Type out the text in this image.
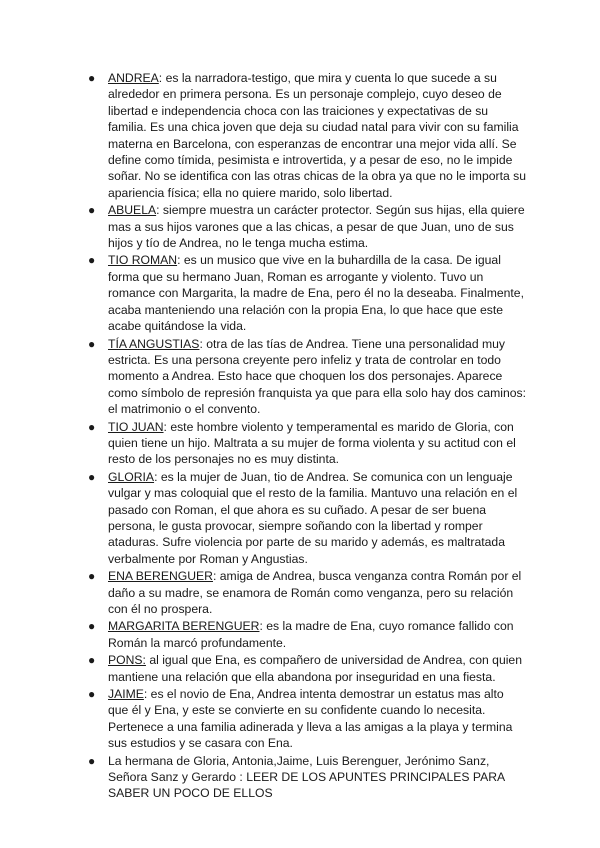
● ANDREA: es la narradora-testigo, que mira y cuenta lo que sucede a su alrededor en primera persona. Es un personaje complejo, cuyo deseo de libertad e independencia choca con las traiciones y expectativas de su familia. Es una chica joven que deja su ciudad natal para vivir con su familia materna en Barcelona, con esperanzas de encontrar una mejor vida allí. Se define como tímida, pesimista e introvertida, y a pesar de eso, no le impide soñar. No se identifica con las otras chicas de la obra ya que no le importa su apariencia física; ella no quiere marido, solo libertad.
● ABUELA: siempre muestra un carácter protector. Según sus hijas, ella quiere mas a sus hijos varones que a las chicas, a pesar de que Juan, uno de sus hijos y tío de Andrea, no le tenga mucha estima.
● TIO ROMAN: es un musico que vive en la buhardilla de la casa. De igual forma que su hermano Juan, Roman es arrogante y violento. Tuvo un romance con Margarita, la madre de Ena, pero él no la deseaba. Finalmente, acaba manteniendo una relación con la propia Ena, lo que hace que este acabe quitándose la vida.
● TÍA ANGUSTIAS: otra de las tías de Andrea. Tiene una personalidad muy estricta. Es una persona creyente pero infeliz y trata de controlar en todo momento a Andrea. Esto hace que choquen los dos personajes. Aparece como símbolo de represión franquista ya que para ella solo hay dos caminos: el matrimonio o el convento.
● TIO JUAN: este hombre violento y temperamental es marido de Gloria, con quien tiene un hijo. Maltrata a su mujer de forma violenta y su actitud con el resto de los personajes no es muy distinta.
● GLORIA: es la mujer de Juan, tio de Andrea. Se comunica con un lenguaje vulgar y mas coloquial que el resto de la familia. Mantuvo una relación en el pasado con Roman, el que ahora es su cuñado. A pesar de ser buena persona, le gusta provocar, siempre soñando con la libertad y romper ataduras. Sufre violencia por parte de su marido y además, es maltratada verbalmente por Roman y Angustias.
● ENA BERENGUER: amiga de Andrea, busca venganza contra Román por el daño a su madre, se enamora de Román como venganza, pero su relación con él no prospera.
● MARGARITA BERENGUER: es la madre de Ena, cuyo romance fallido con Román la marcó profundamente.
● PONS: al igual que Ena, es compañero de universidad de Andrea, con quien mantiene una relación que ella abandona por inseguridad en una fiesta.
● JAIME: es el novio de Ena, Andrea intenta demostrar un estatus mas alto que él y Ena, y este se convierte en su confidente cuando lo necesita. Pertenece a una familia adinerada y lleva a las amigas a la playa y termina sus estudios y se casara con Ena.
● La hermana de Gloria, Antonia,Jaime, Luis Berenguer, Jerónimo Sanz, Señora Sanz y Gerardo : LEER DE LOS APUNTES PRINCIPALES PARA SABER UN POCO DE ELLOS
